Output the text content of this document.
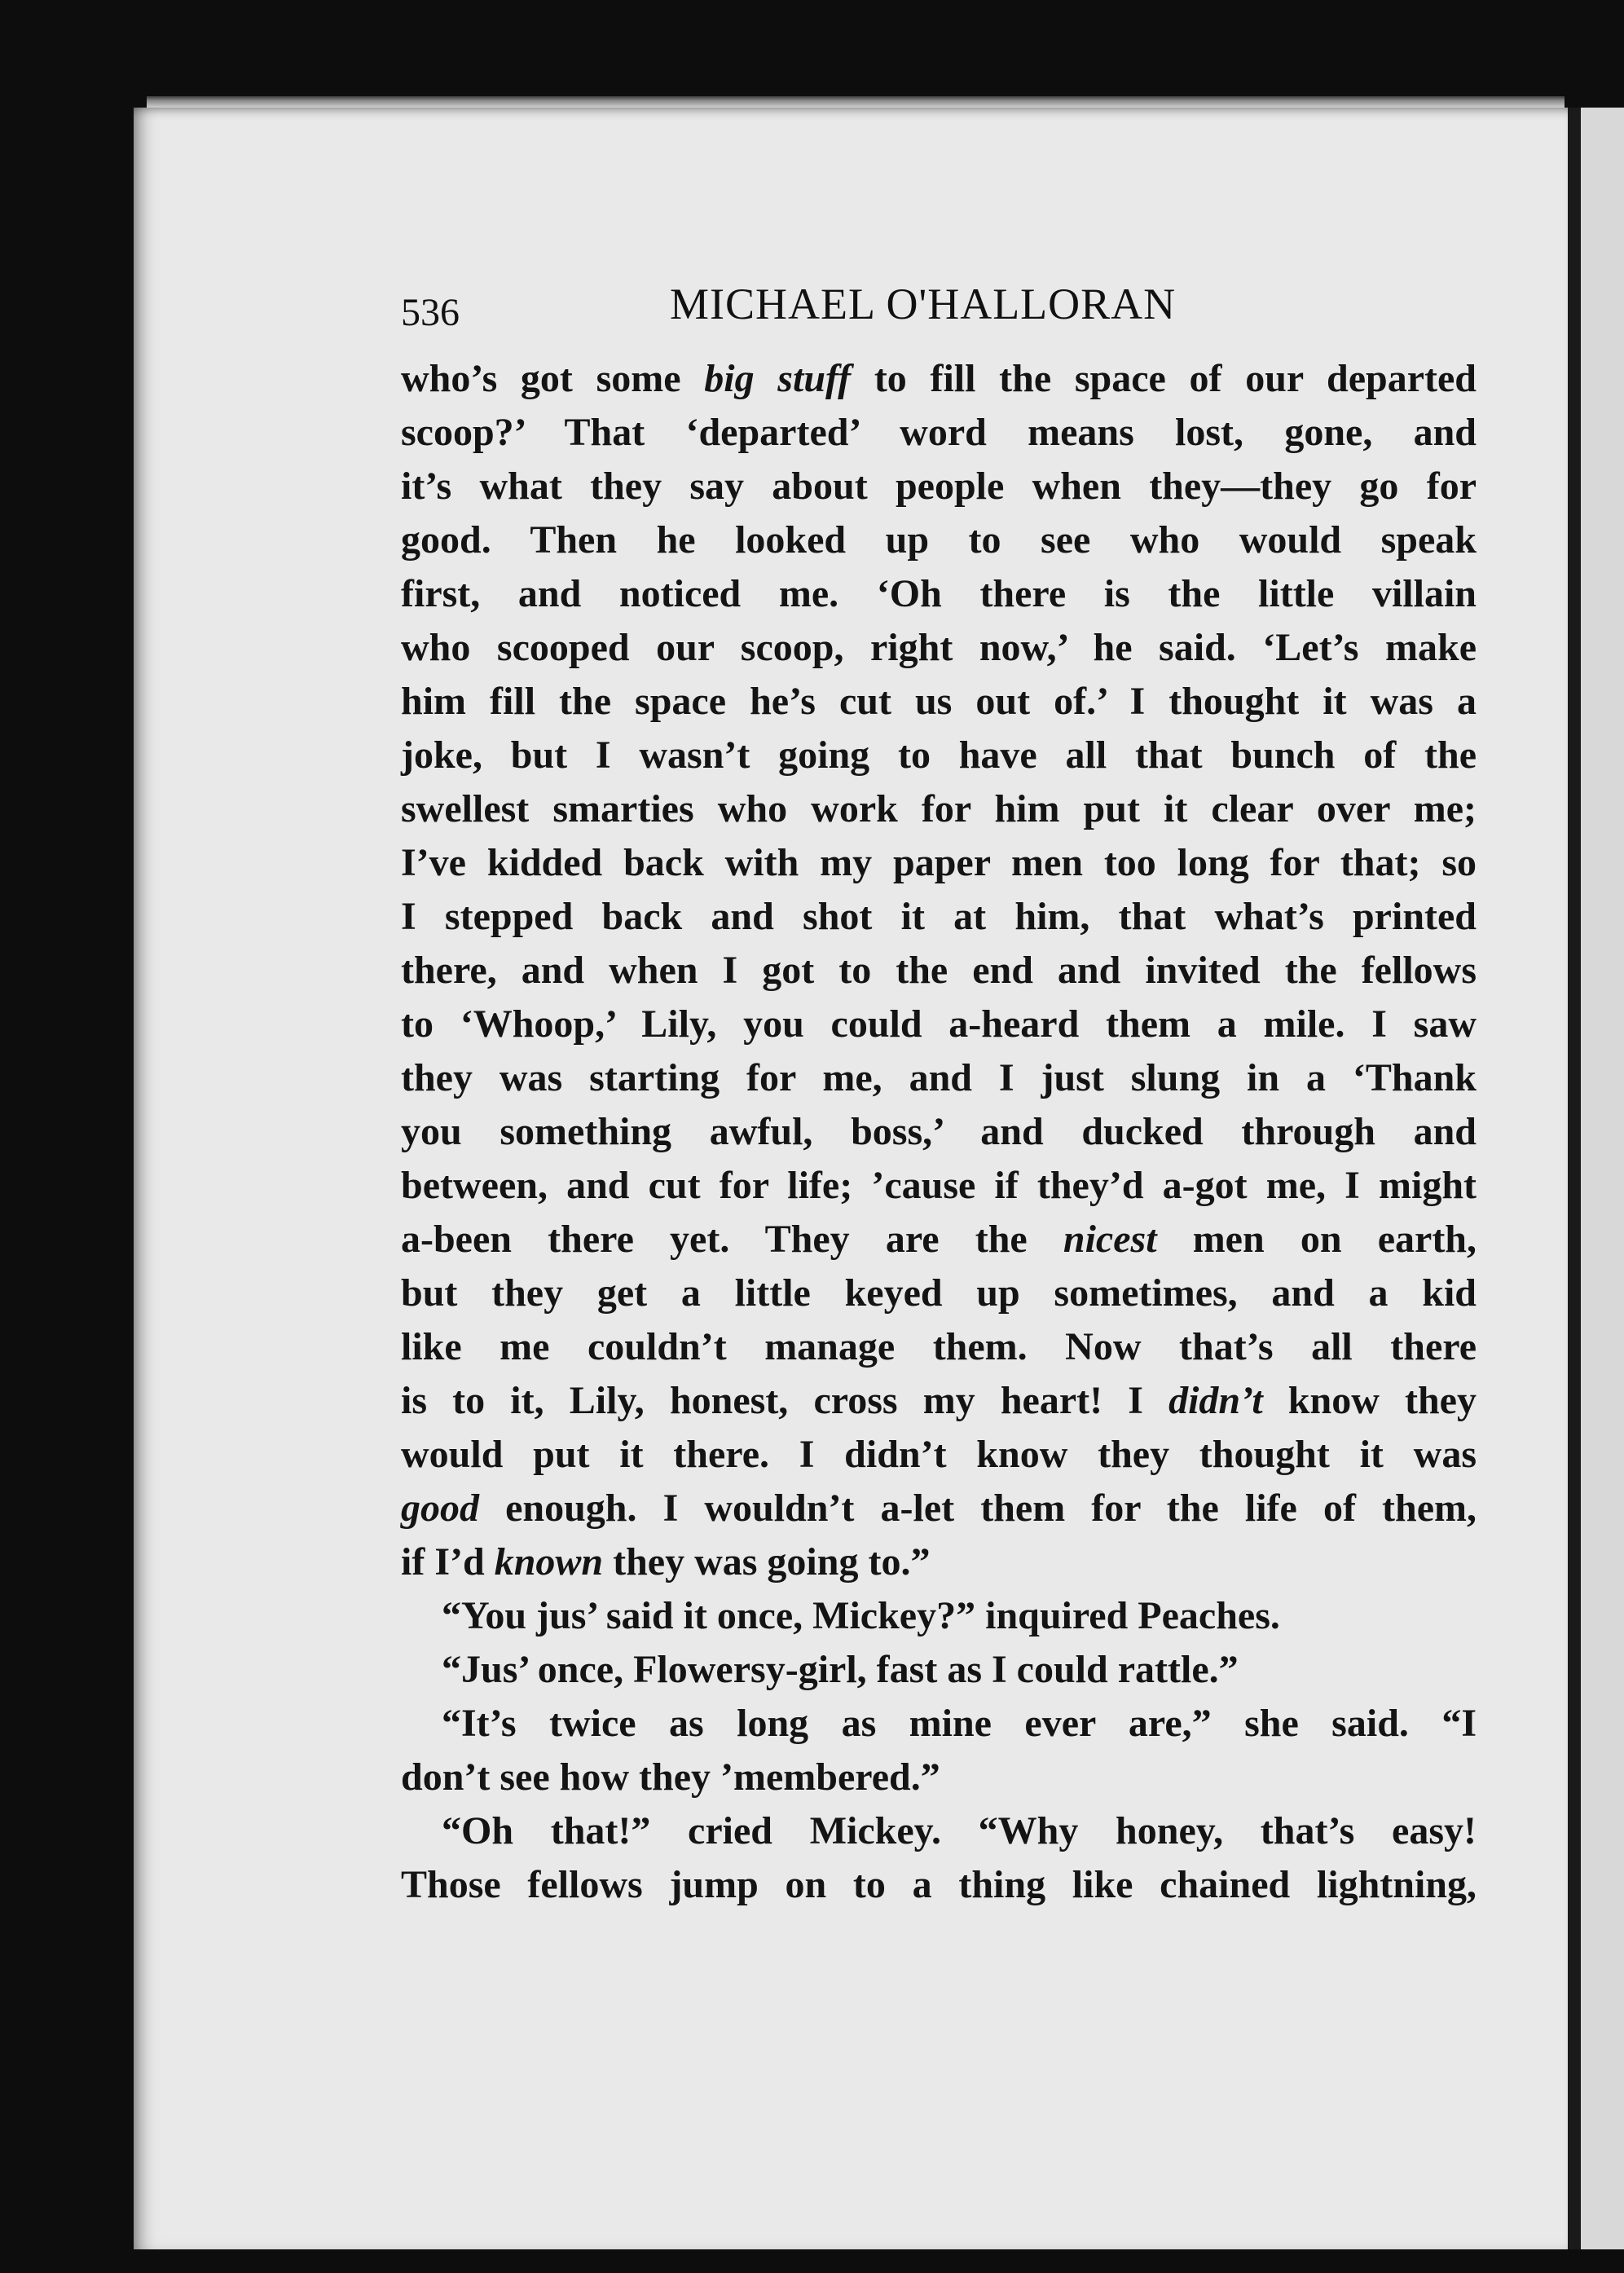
536	MICHAEL O'HALLORAN
who’s got some big stuff to fill the space of our departed
scoop?’ That ‘departed’ word means lost, gone, and
it’s what they say about people when they—they go for
good. Then he looked up to see who would speak
first, and noticed me. ‘Oh there is the little villain
who scooped our scoop, right now,’ he said. ‘Let’s make
him fill the space he’s cut us out of.’ I thought it was a
joke, but I wasn’t going to have all that bunch of the
swellest smarties who work for him put it clear over me;
I’ve kidded back with my paper men too long for that; so
I stepped back and shot it at him, that what’s printed
there, and when I got to the end and invited the fellows
to ‘Whoop,’ Lily, you could a-heard them a mile. I saw
they was starting for me, and I just slung in a ‘Thank
you something awful, boss,’ and ducked through and
between, and cut for life; ’cause if they’d a-got me, I might
a-been there yet. They are the nicest men on earth,
but they get a little keyed up sometimes, and a kid
like me couldn’t manage them. Now that’s all there
is to it, Lily, honest, cross my heart! I didn’t know they
would put it there. I didn’t know they thought it was
good enough. I wouldn’t a-let them for the life of them,
if I’d known they was going to.”
“You jus’ said it once, Mickey?” inquired Peaches.
“Jus’ once, Flowersy-girl, fast as I could rattle.”
“It’s twice as long as mine ever are,” she said. “I
don’t see how they ’membered.”
“Oh that!” cried Mickey. “Why honey, that’s easy!
Those fellows jump on to a thing like chained lightning,
